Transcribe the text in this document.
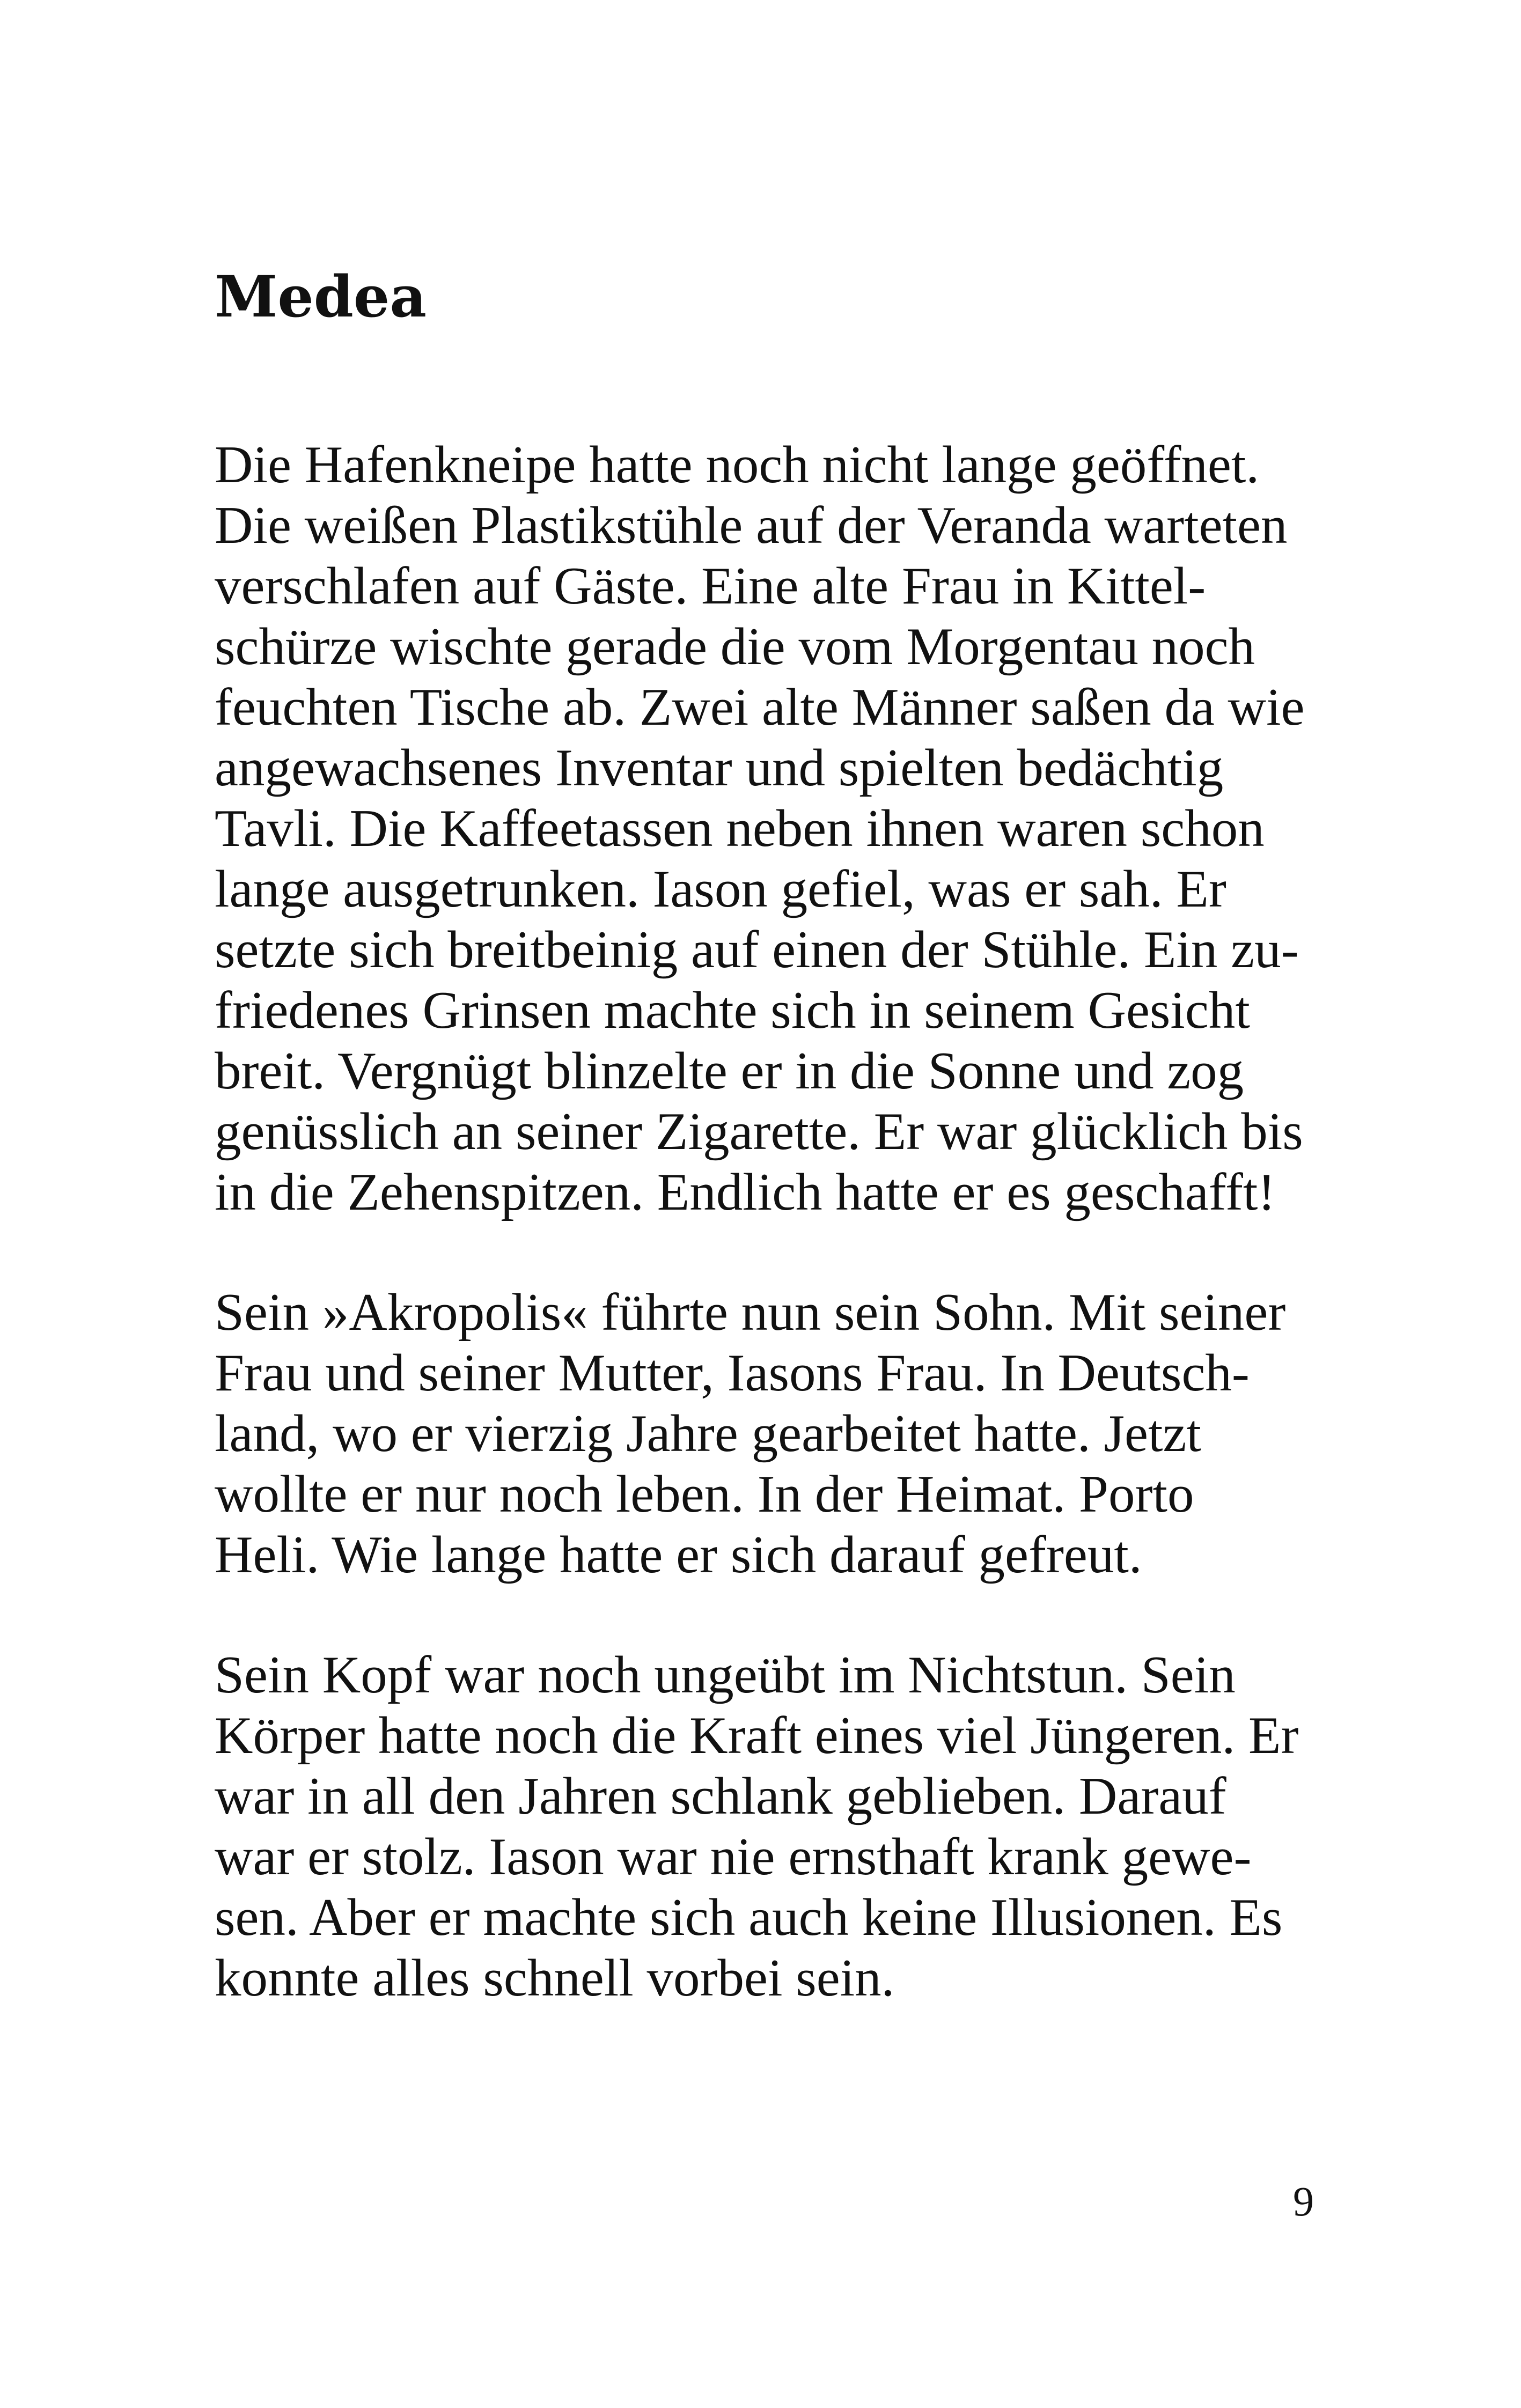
Medea

Die Hafenkneipe hatte noch nicht lange geöffnet.

Die weißen Plastikstühle auf der Veranda warteten

verschlafen auf Gäste. Eine alte Frau in Kittel-

schürze wischte gerade die vom Morgentau noch

feuchten Tische ab. Zwei alte Männer saßen da wie

angewachsenes Inventar und spielten bedächtig

Tavli. Die Kaffeetassen neben ihnen waren schon

lange ausgetrunken. Iason gefiel, was er sah. Er

setzte sich breitbeinig auf einen der Stühle. Ein zu-

friedenes Grinsen machte sich in seinem Gesicht

breit. Vergnügt blinzelte er in die Sonne und zog

genüsslich an seiner Zigarette. Er war glücklich bis

in die Zehenspitzen. Endlich hatte er es geschafft!

Sein »Akropolis« führte nun sein Sohn. Mit seiner

Frau und seiner Mutter, Iasons Frau. In Deutsch-

land, wo er vierzig Jahre gearbeitet hatte. Jetzt

wollte er nur noch leben. In der Heimat. Porto

Heli. Wie lange hatte er sich darauf gefreut.

Sein Kopf war noch ungeübt im Nichtstun. Sein

Körper hatte noch die Kraft eines viel Jüngeren. Er

war in all den Jahren schlank geblieben. Darauf

war er stolz. Iason war nie ernsthaft krank gewe-

sen. Aber er machte sich auch keine Illusionen. Es

konnte alles schnell vorbei sein.

9
